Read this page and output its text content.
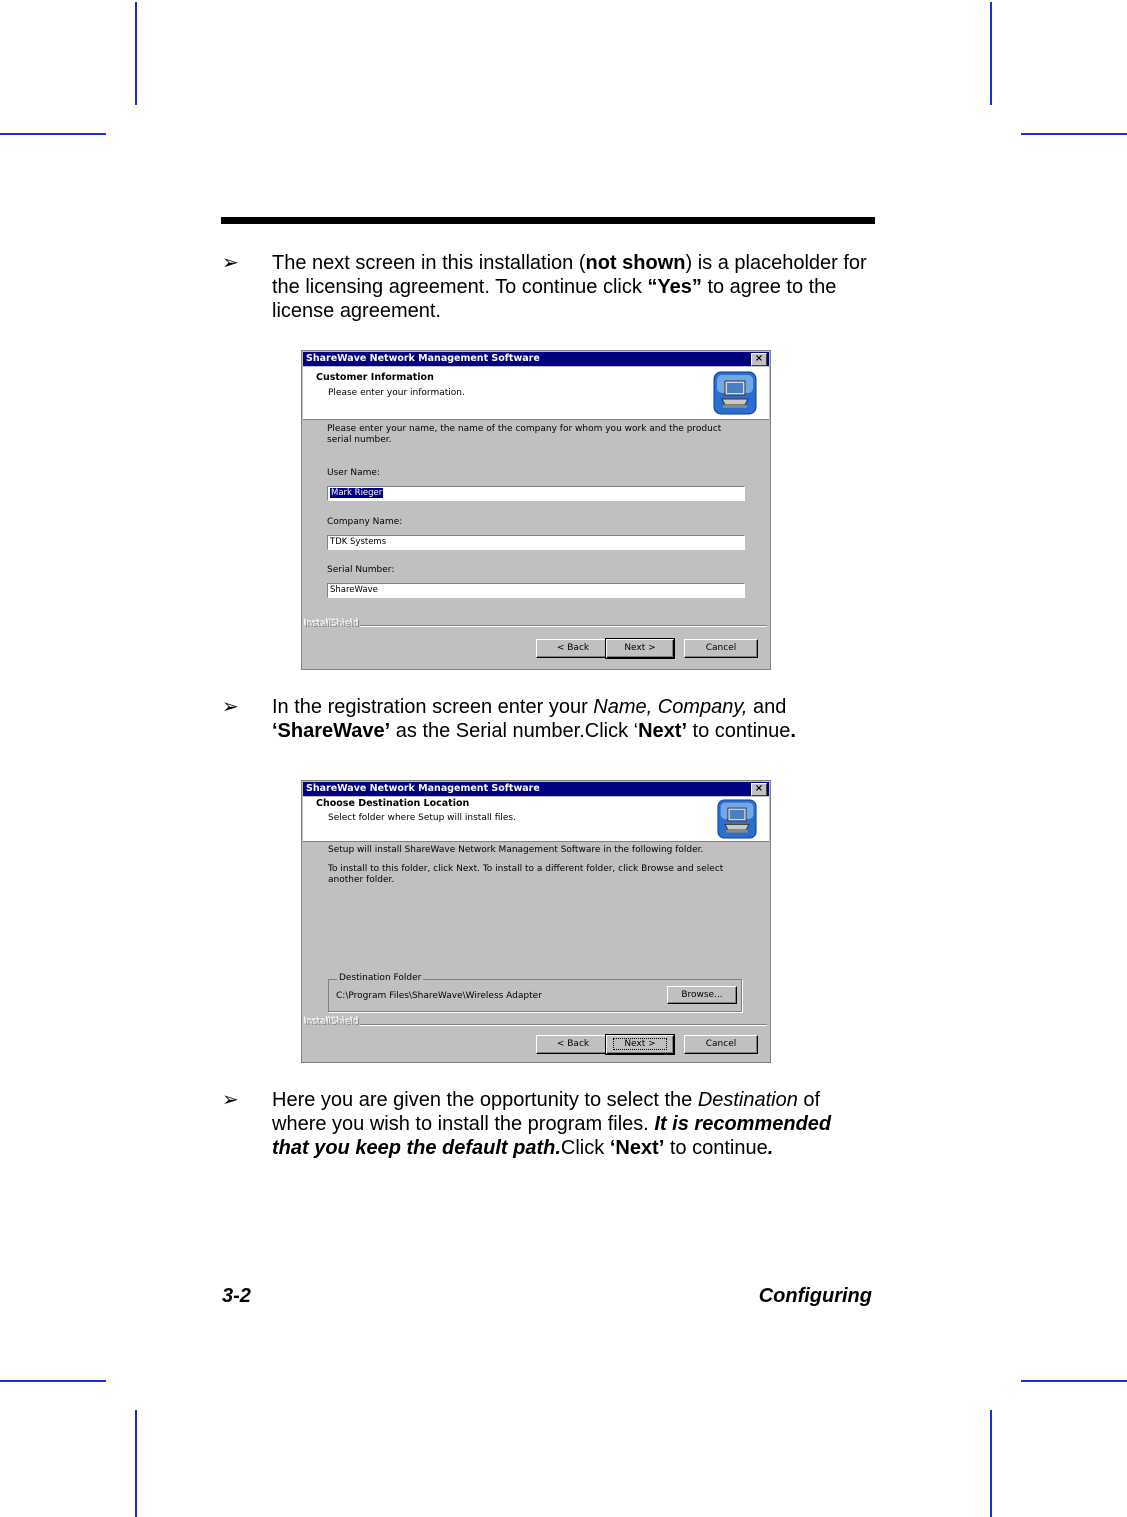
➢ The next screen in this installation (not shown) is a placeholder for the licensing agreement. To continue click “Yes” to agree to the license agreement.
ShareWave Network Management Software	×
Customer Information
Please enter your information.
Please enter your name, the name of the company for whom you work and the product serial number.
User Name:
Mark Rieger
Company Name:
TDK Systems
Serial Number:
ShareWave
InstallShield
< Back	Next >	Cancel
➢ In the registration screen enter your Name, Company, and ‘ShareWave’ as the Serial number.Click ‘Next’ to continue.
ShareWave Network Management Software	×
Choose Destination Location
Select folder where Setup will install files.
Setup will install ShareWave Network Management Software in the following folder.
To install to this folder, click Next. To install to a different folder, click Browse and select another folder.
Destination Folder
C:\Program Files\ShareWave\Wireless Adapter	Browse...
InstallShield
< Back	Next >	Cancel
➢ Here you are given the opportunity to select the Destination of where you wish to install the program files. It is recommended that you keep the default path.Click ‘Next’ to continue.
3-2	Configuring
